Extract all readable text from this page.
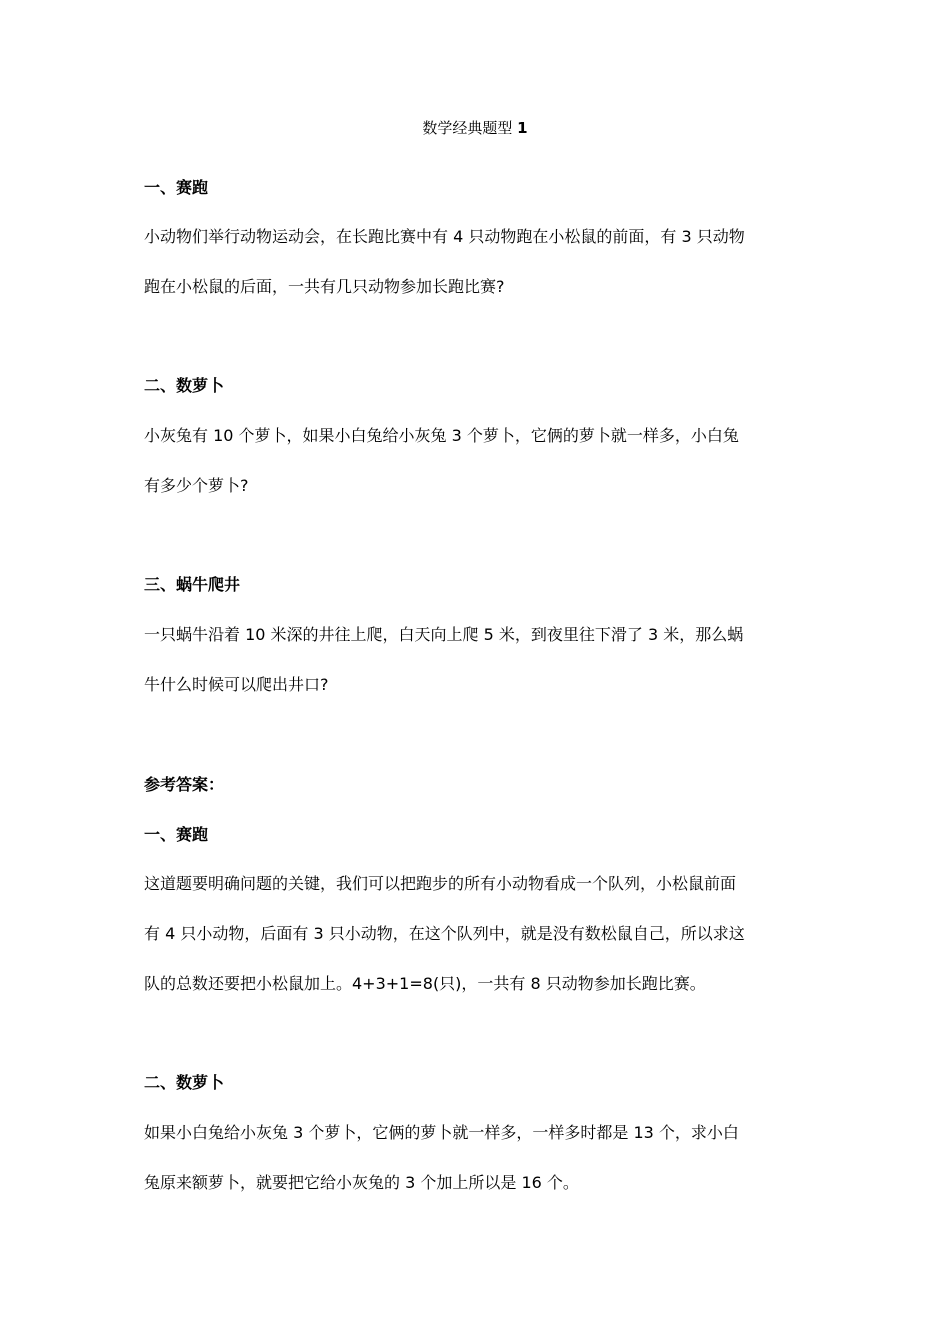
数学经典题型 1
一、赛跑

小动物们举行动物运动会，在长跑比赛中有 4 只动物跑在小松鼠的前面，有 3 只动物
跑在小松鼠的后面，一共有几只动物参加长跑比赛?

二、数萝卜

小灰兔有 10 个萝卜，如果小白兔给小灰兔 3 个萝卜，它俩的萝卜就一样多，小白兔
有多少个萝卜?

三、蜗牛爬井

一只蜗牛沿着 10 米深的井往上爬，白天向上爬 5 米，到夜里往下滑了 3 米，那么蜗
牛什么时候可以爬出井口?

参考答案：
一、赛跑

这道题要明确问题的关键，我们可以把跑步的所有小动物看成一个队列，小松鼠前面
有 4 只小动物，后面有 3 只小动物，在这个队列中，就是没有数松鼠自己，所以求这
队的总数还要把小松鼠加上。4+3+1=8(只)，一共有 8 只动物参加长跑比赛。

二、数萝卜

如果小白兔给小灰兔 3 个萝卜，它俩的萝卜就一样多，一样多时都是 13 个，求小白
兔原来额萝卜，就要把它给小灰兔的 3 个加上所以是 16 个。
